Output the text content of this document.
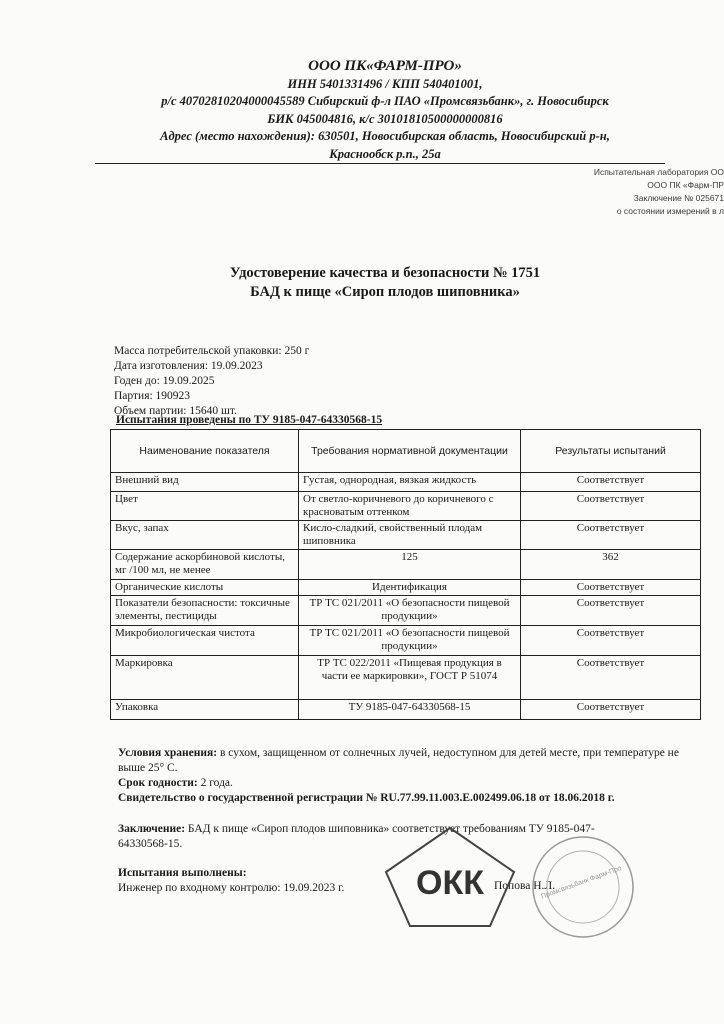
ООО ПК«ФАРМ-ПРО»
ИНН 5401331496 / КПП 540401001,
р/с 40702810204000045589 Сибирский ф-л ПАО «Промсвязьбанк», г. Новосибирск
БИК 045004816, к/с 30101810500000000816
Адрес (место нахождения): 630501, Новосибирская область, Новосибирский р-н,
Краснообск р.п., 25а
Испытательная лаборатория ОО
ООО ПК «Фарм-ПР
Заключение № 025671
о состоянии измерений в л
Удостоверение качества и безопасности № 1751
БАД к пище «Сироп плодов шиповника»
Масса потребительской упаковки: 250 г
Дата изготовления: 19.09.2023
Годен до: 19.09.2025
Партия: 190923
Объем партии: 15640 шт.
Испытания проведены по ТУ 9185-047-64330568-15
Наименование показателя	Требования нормативной документации	Результаты испытаний
Внешний вид	Густая, однородная, вязкая жидкость	Соответствует
Цвет	От светло-коричневого до коричневого с красноватым оттенком	Соответствует
Вкус, запах	Кисло-сладкий, свойственный плодам шиповника	Соответствует
Содержание аскорбиновой кислоты, мг /100 мл, не менее	125	362
Органические кислоты	Идентификация	Соответствует
Показатели безопасности: токсичные элементы, пестициды	ТР ТС 021/2011 «О безопасности пищевой продукции»	Соответствует
Микробиологическая чистота	ТР ТС 021/2011 «О безопасности пищевой продукции»	Соответствует
Маркировка	ТР ТС 022/2011 «Пищевая продукция в части ее маркировки», ГОСТ Р 51074	Соответствует
Упаковка	ТУ 9185-047-64330568-15	Соответствует
Условия хранения: в сухом, защищенном от солнечных лучей, недоступном для детей месте, при температуре не выше 25° С.
Срок годности: 2 года.
Свидетельство о государственной регистрации № RU.77.99.11.003.Е.002499.06.18 от 18.06.2018 г.
Заключение: БАД к пище «Сироп плодов шиповника» соответствует требованиям ТУ 9185-047-64330568-15.
Испытания выполнены:
Инженер по входному контролю: 19.09.2023 г.	Попова Н.Л.
ОКК	Промсвязьбанк Фарм-Про
